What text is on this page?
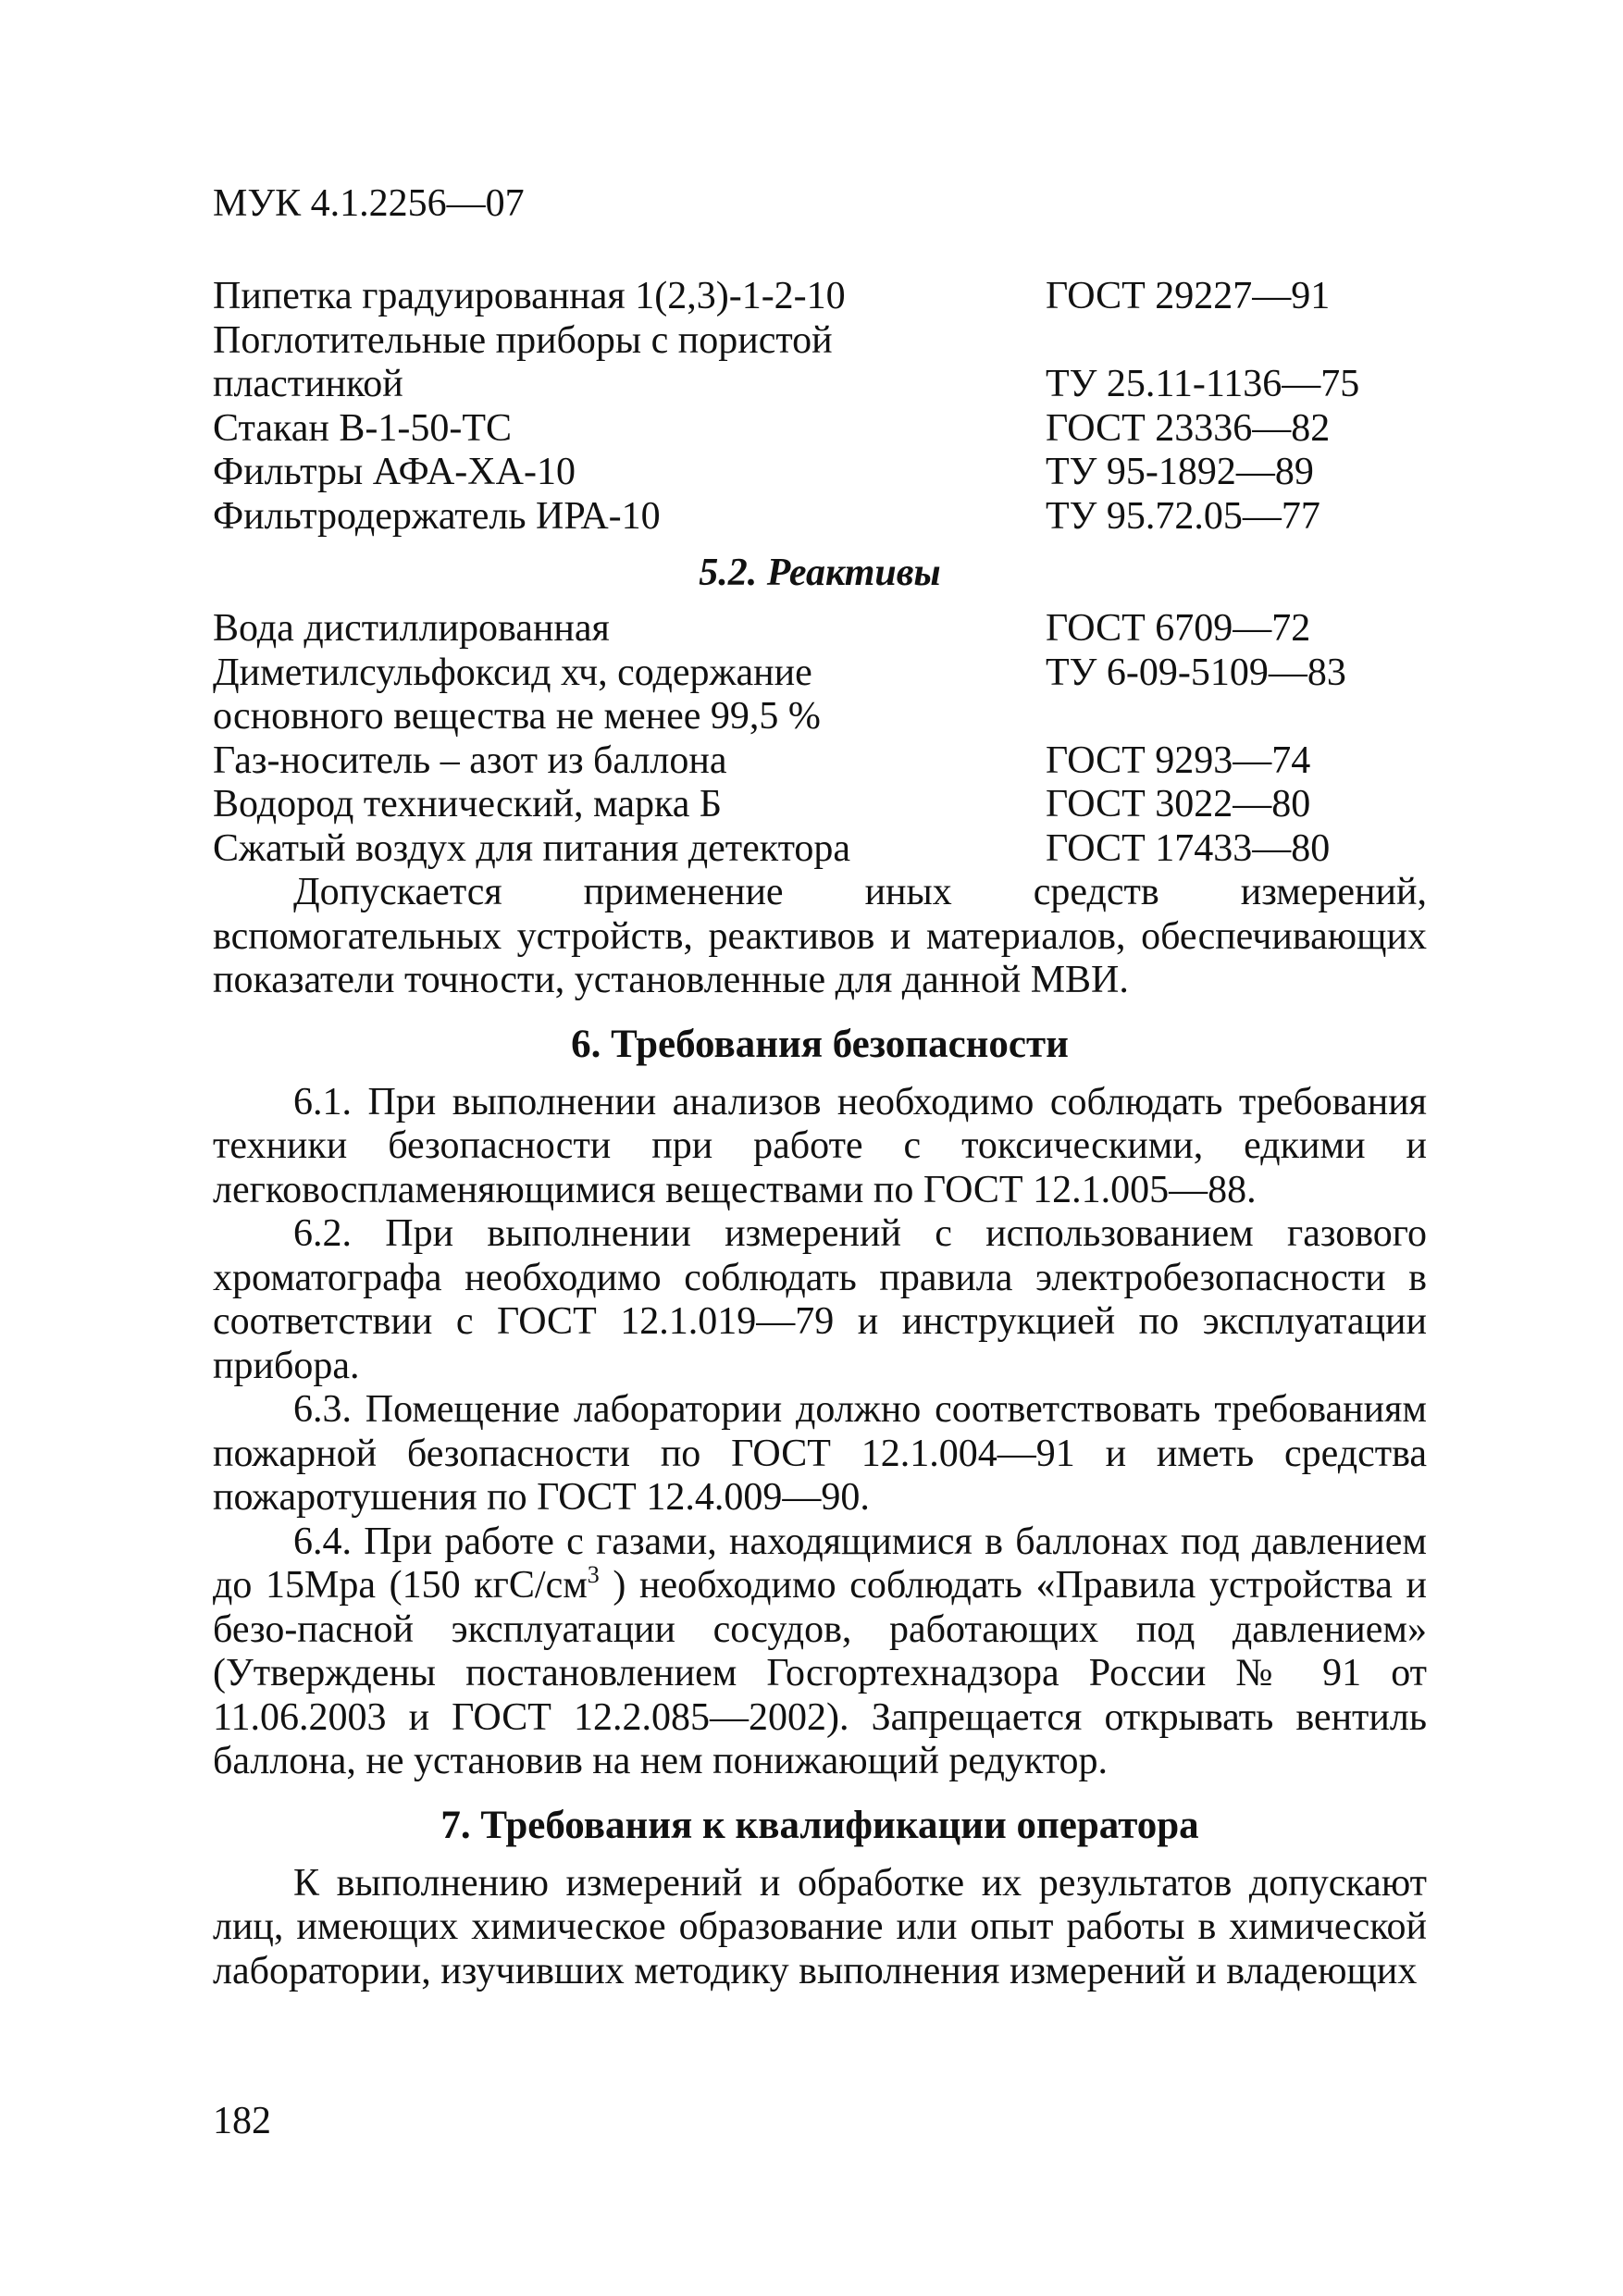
МУК 4.1.2256—07
Пипетка градуированная 1(2,3)-1-2-10	ГОСТ 29227—91
Поглотительные приборы с пористой
пластинкой	ТУ 25.11-1136—75
Стакан В-1-50-ТС	ГОСТ 23336—82
Фильтры АФА-ХА-10	ТУ 95-1892—89
Фильтродержатель ИРА-10	ТУ 95.72.05—77
5.2. Реактивы
Вода дистиллированная	ГОСТ 6709—72
Диметилсульфоксид хч, содержание	ТУ 6-09-5109—83
основного вещества не менее 99,5 %
Газ-носитель – азот из баллона	ГОСТ 9293—74
Водород технический, марка Б	ГОСТ 3022—80
Сжатый воздух для питания детектора	ГОСТ 17433—80

Допускается применение иных средств измерений, вспомогательных устройств, реактивов и материалов, обеспечивающих показатели точности, установленные для данной МВИ.

6. Требования безопасности

6.1. При выполнении анализов необходимо соблюдать требования техники безопасности при работе с токсическими, едкими и легковоспламеняющимися веществами по ГОСТ 12.1.005—88.

6.2. При выполнении измерений с использованием газового хроматографа необходимо соблюдать правила электробезопасности в соответствии с ГОСТ 12.1.019—79 и инструкцией по эксплуатации прибора.

6.3. Помещение лаборатории должно соответствовать требованиям пожарной безопасности по ГОСТ 12.1.004—91 и иметь средства пожаротушения по ГОСТ 12.4.009—90.

6.4. При работе с газами, находящимися в баллонах под давлением до 15Мра (150 кгС/$см^3$ ) необходимо соблюдать «Правила устройства и безо-пасной эксплуатации сосудов, работающих под давлением» (Утверждены постановлением Госгортехнадзора России № 91 от 11.06.2003 и ГОСТ 12.2.085—2002). Запрещается открывать вентиль баллона, не установив на нем понижающий редуктор.

7. Требования к квалификации оператора

К выполнению измерений и обработке их результатов допускают лиц, имеющих химическое образование или опыт работы в химической лаборатории, изучивших методику выполнения измерений и владеющих

182
